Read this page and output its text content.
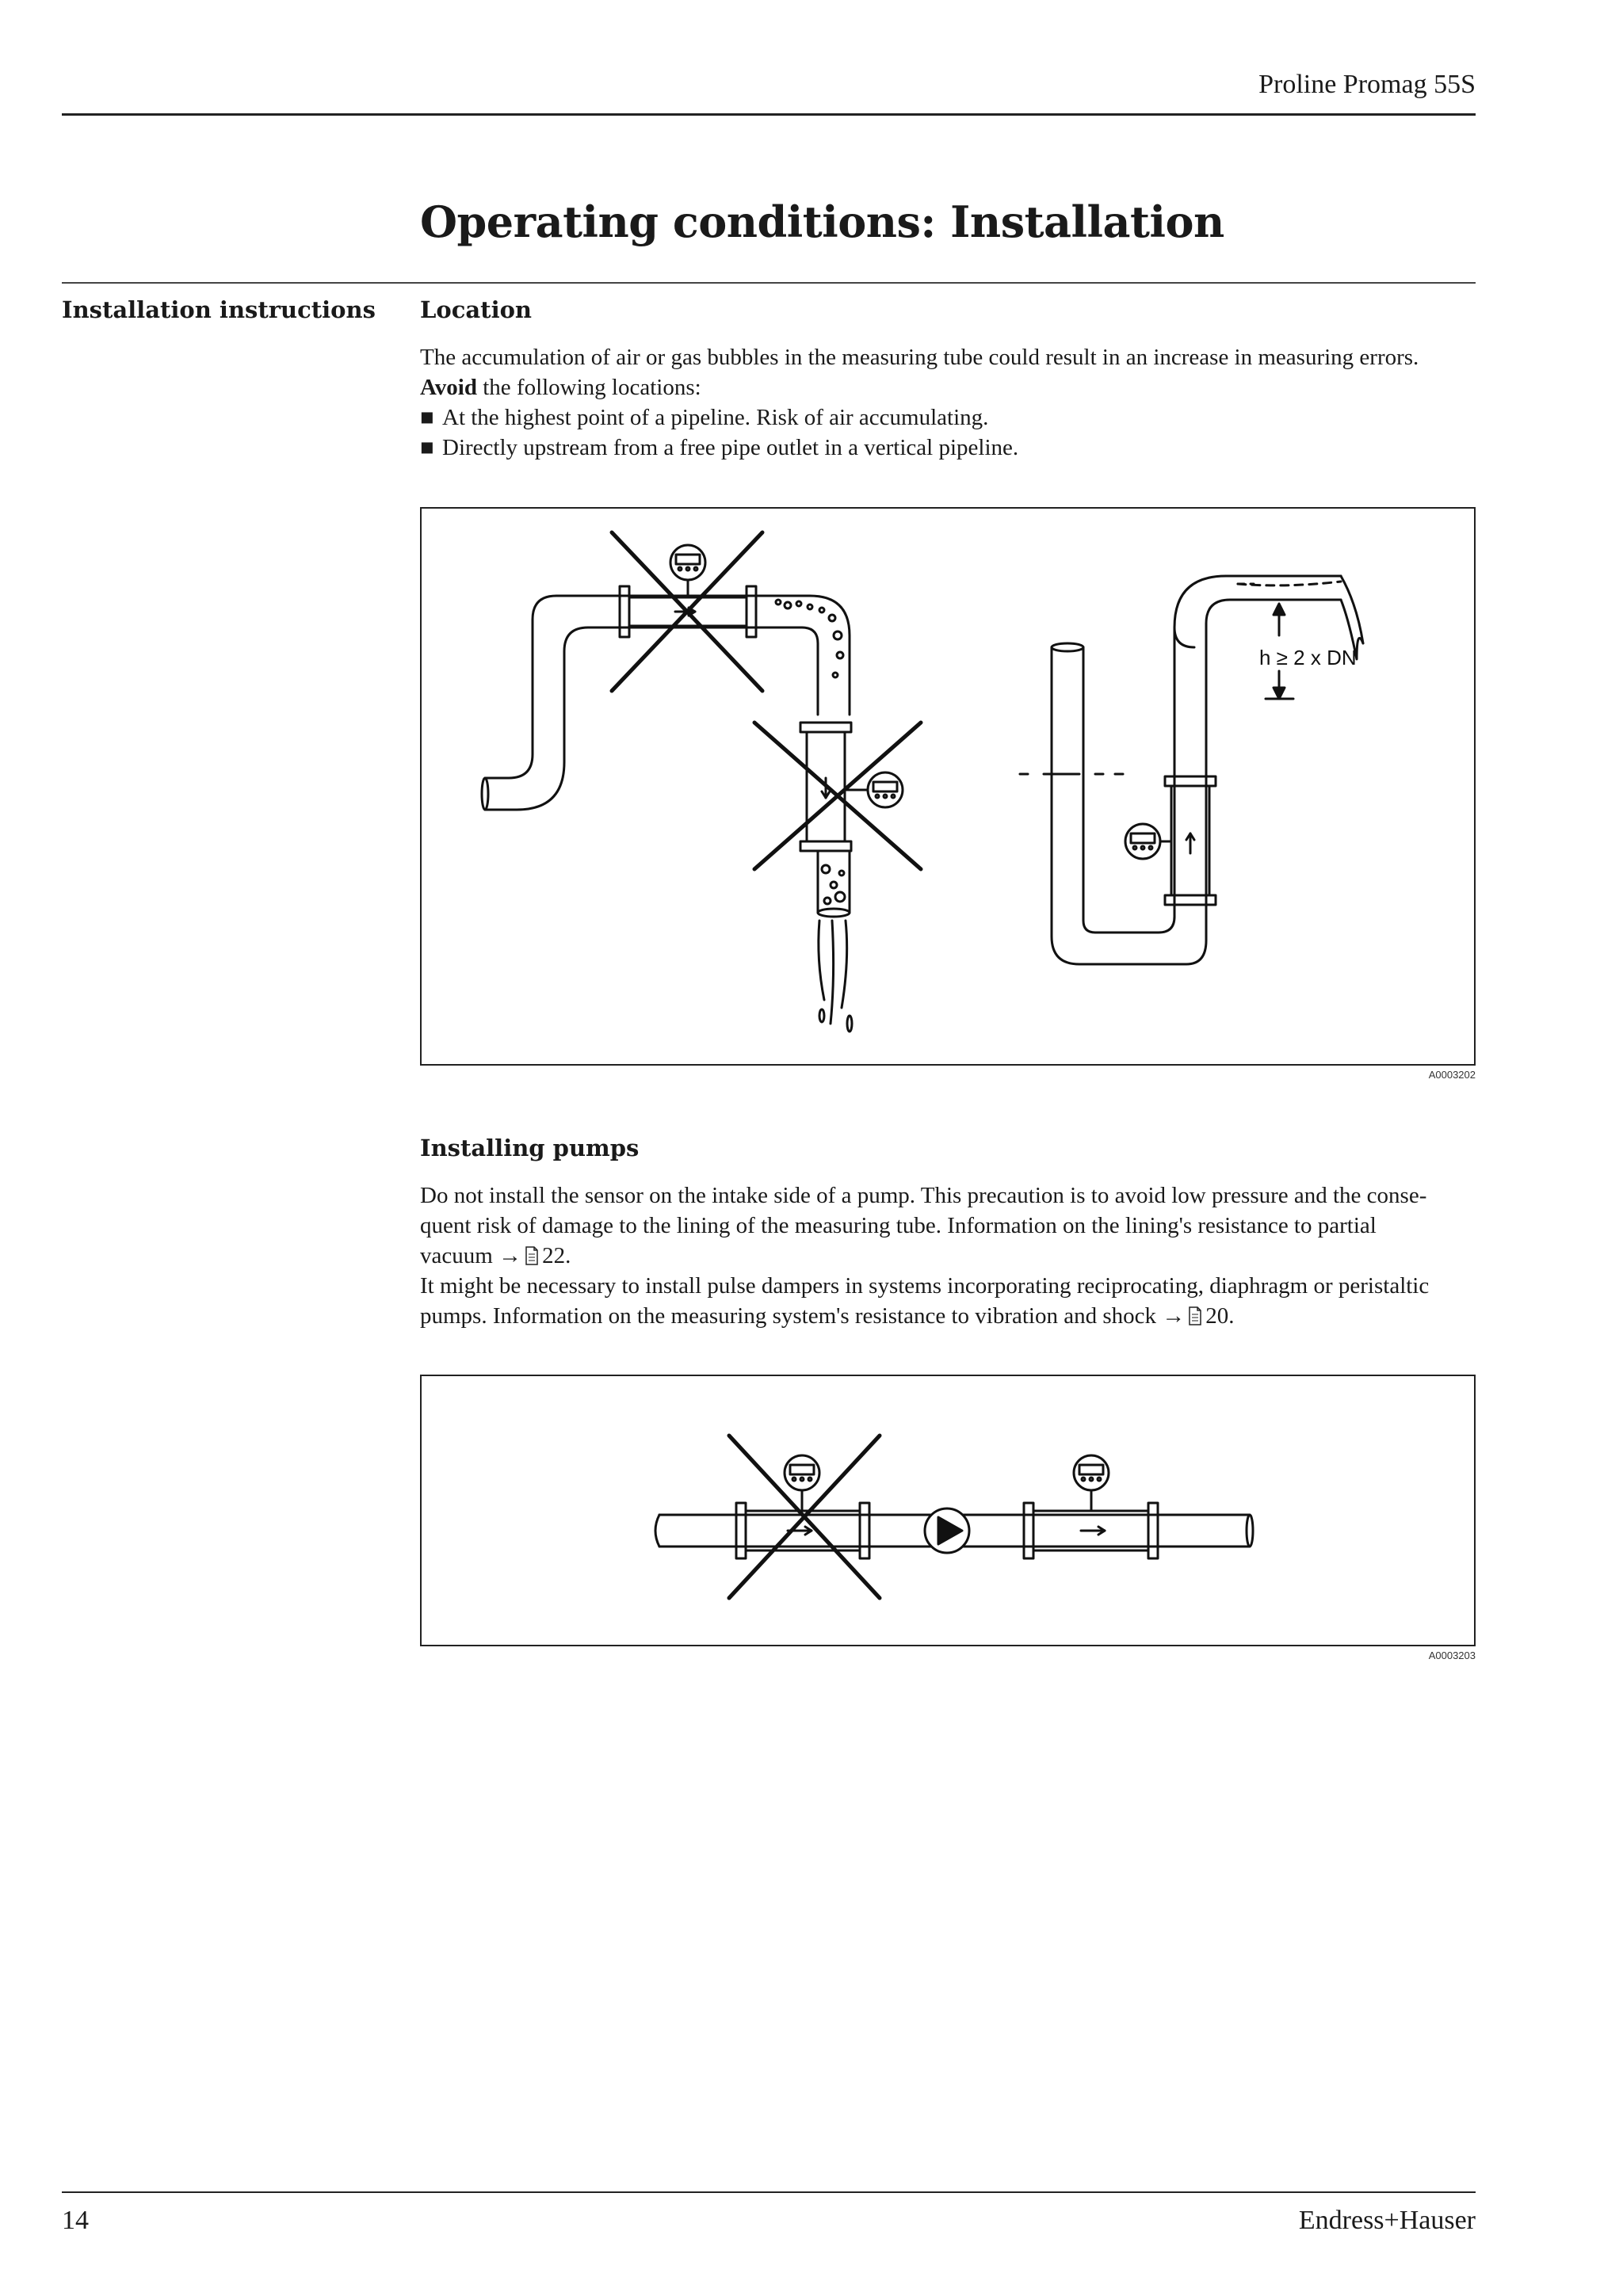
Proline Promag 55S
Operating conditions: Installation
Installation instructions Location

The accumulation of air or gas bubbles in the measuring tube could result in an increase in measuring errors.

Avoid the following locations:

■ At the highest point of a pipeline. Risk of air accumulating.
■ Directly upstream from a free pipe outlet in a vertical pipeline.
h ≥ 2 x DN
A0003202
Installing pumps

Do not install the sensor on the intake side of a pump. This precaution is to avoid low pressure and the conse-

quent risk of damage to the lining of the measuring tube. Information on the lining's resistance to partial

vacuum → 22.

It might be necessary to install pulse dampers in systems incorporating reciprocating, diaphragm or peristaltic

pumps. Information on the measuring system's resistance to vibration and shock → 20.

A0003203
14	Endress+Hauser
